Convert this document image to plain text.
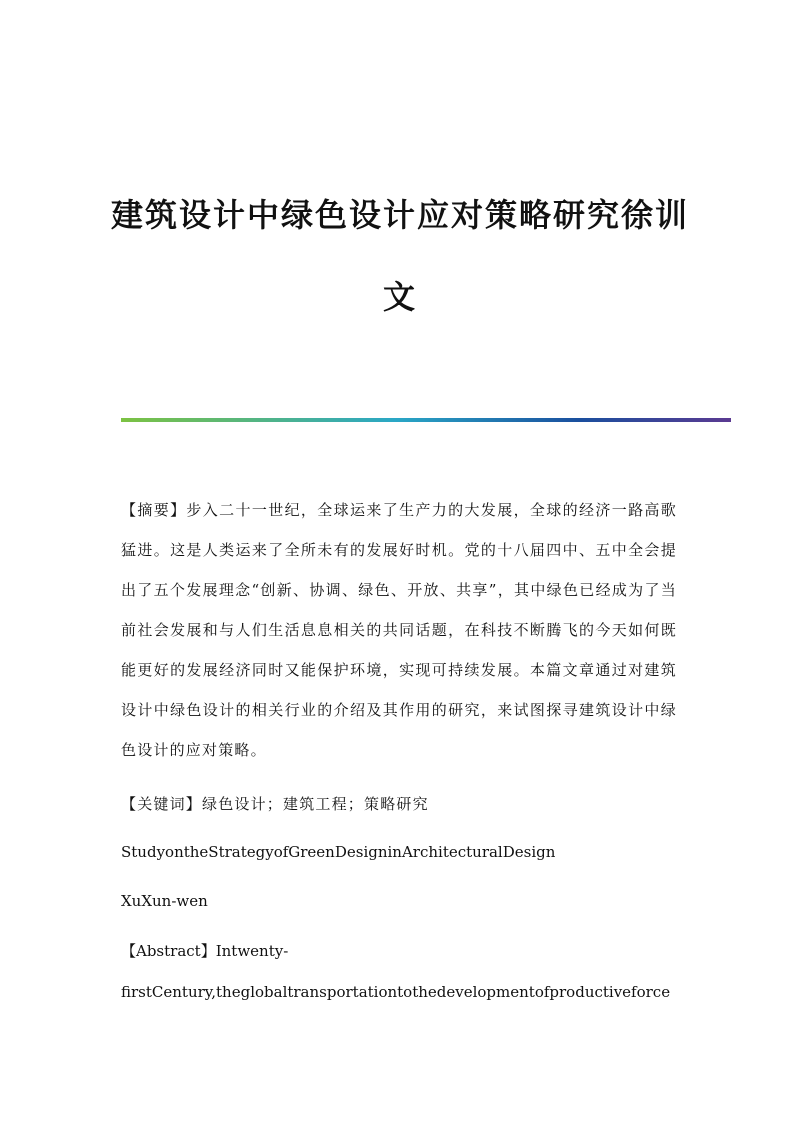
建筑设计中绿色设计应对策略研究徐训
文

【摘要】步入二十一世纪，全球运来了生产力的大发展，全球的经济一路高歌猛进。这是人类运来了全所未有的发展好时机。党的十八届四中、五中全会提出了五个发展理念“创新、协调、绿色、开放、共享”，其中绿色已经成为了当前社会发展和与人们生活息息相关的共同话题，在科技不断腾飞的今天如何既能更好的发展经济同时又能保护环境，实现可持续发展。本篇文章通过对建筑设计中绿色设计的相关行业的介绍及其作用的研究，来试图探寻建筑设计中绿色设计的应对策略。

【关键词】绿色设计；建筑工程；策略研究

StudyontheStrategyofGreenDesigninArchitecturalDesign

XuXun-wen

【Abstract】Intwenty-

firstCentury,theglobaltransportationtothedevelopmentofproductiveforce
